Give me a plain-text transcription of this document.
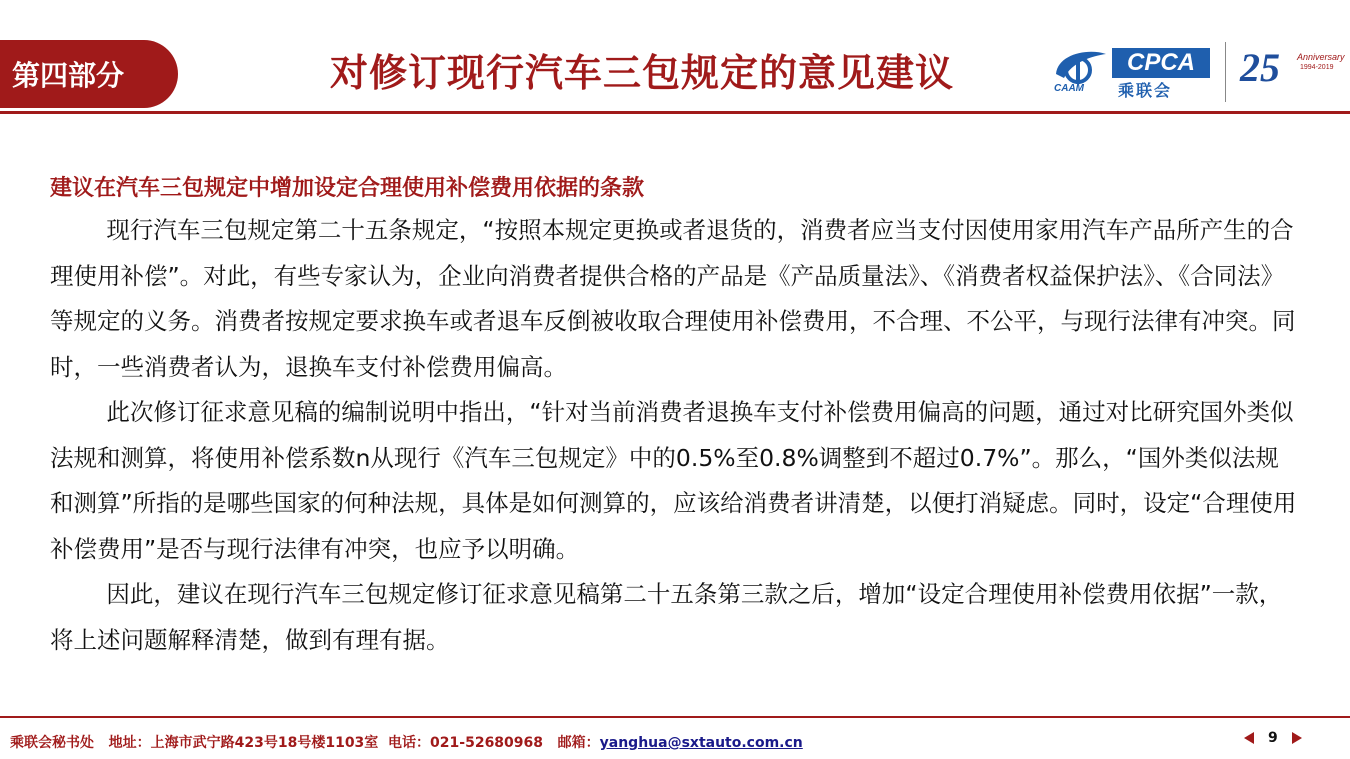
第四部分	对修订现行汽车三包规定的意见建议	CAAM
CPCA
乘联会
25 Anniversary
1994-2019

建议在汽车三包规定中增加设定合理使用补偿费用依据的条款

现行汽车三包规定第二十五条规定，“按照本规定更换或者退货的，消费者应当支付因使用家用汽车产品所产生的合理使用补偿”。对此，有些专家认为，企业向消费者提供合格的产品是《产品质量法》、《消费者权益保护法》、《合同法》等规定的义务。消费者按规定要求换车或者退车反倒被收取合理使用补偿费用，不合理、不公平，与现行法律有冲突。同时，一些消费者认为，退换车支付补偿费用偏高。

此次修订征求意见稿的编制说明中指出，“针对当前消费者退换车支付补偿费用偏高的问题，通过对比研究国外类似法规和测算，将使用补偿系数n从现行《汽车三包规定》中的0.5%至0.8%调整到不超过0.7%”。那么，“国外类似法规和测算”所指的是哪些国家的何种法规，具体是如何测算的，应该给消费者讲清楚，以便打消疑虑。同时，设定“合理使用补偿费用”是否与现行法律有冲突，也应予以明确。

因此，建议在现行汽车三包规定修订征求意见稿第二十五条第三款之后，增加“设定合理使用补偿费用依据”一款，将上述问题解释清楚，做到有理有据。

乘联会秘书处 地址：上海市武宁路423号18号楼1103室 电话：021-52680968 邮箱：yanghua@sxtauto.com.cn	9
